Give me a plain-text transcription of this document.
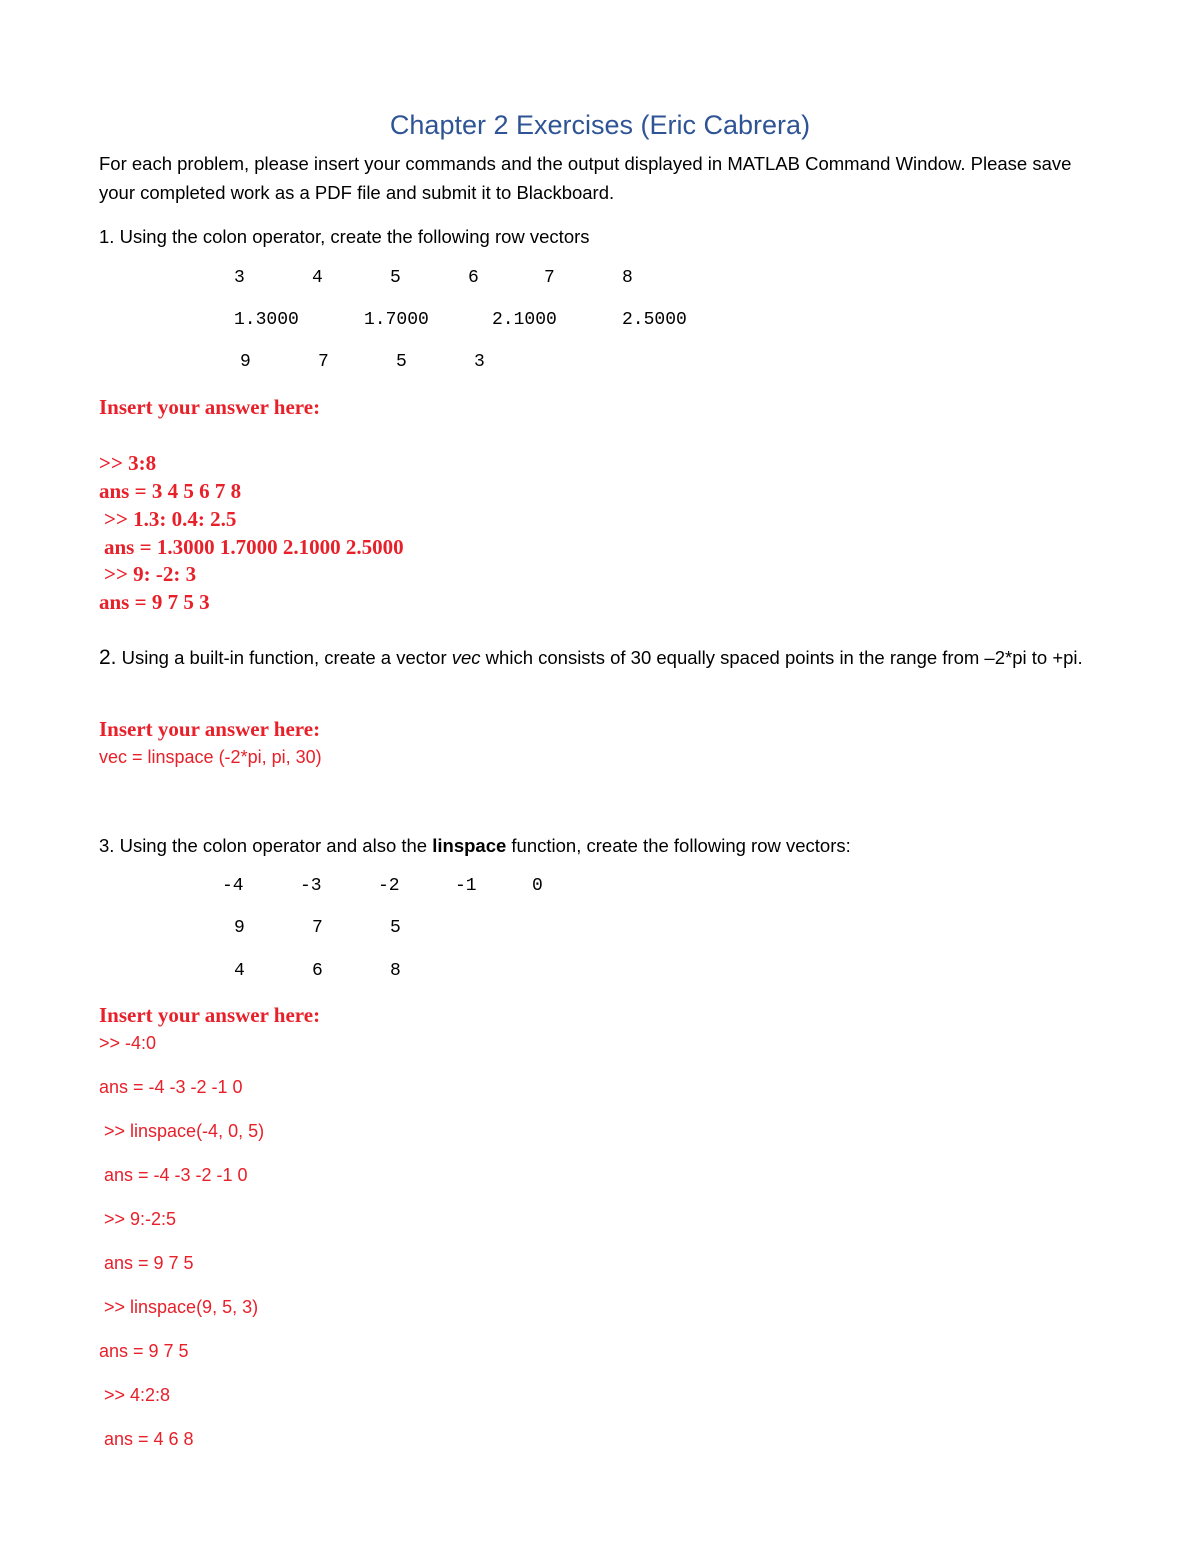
Chapter 2 Exercises (Eric Cabrera)
For each problem, please insert your commands and the output displayed in MATLAB Command Window. Please save your completed work as a PDF file and submit it to Blackboard.
1. Using the colon operator, create the following row vectors
3	4	5	6	7	8
1.3000	1.7000	2.1000	2.5000
9	7	5	3
Insert your answer here:
>> 3:8
ans = 3 4 5 6 7 8
>> 1.3: 0.4: 2.5
ans = 1.3000 1.7000 2.1000 2.5000
>> 9: -2: 3
ans = 9 7 5 3
2. Using a built-in function, create a vector vec which consists of 30 equally spaced points in the range from –2*pi to +pi.
Insert your answer here:
vec = linspace (-2*pi, pi, 30)
3. Using the colon operator and also the linspace function, create the following row vectors:
-4	-3	-2	-1	0
9	7	5
4	6	8
Insert your answer here:
>> -4:0
ans = -4 -3 -2 -1 0
>> linspace(-4, 0, 5)
ans = -4 -3 -2 -1 0
>> 9:-2:5
ans = 9 7 5
>> linspace(9, 5, 3)
ans = 9 7 5
>> 4:2:8
ans = 4 6 8
